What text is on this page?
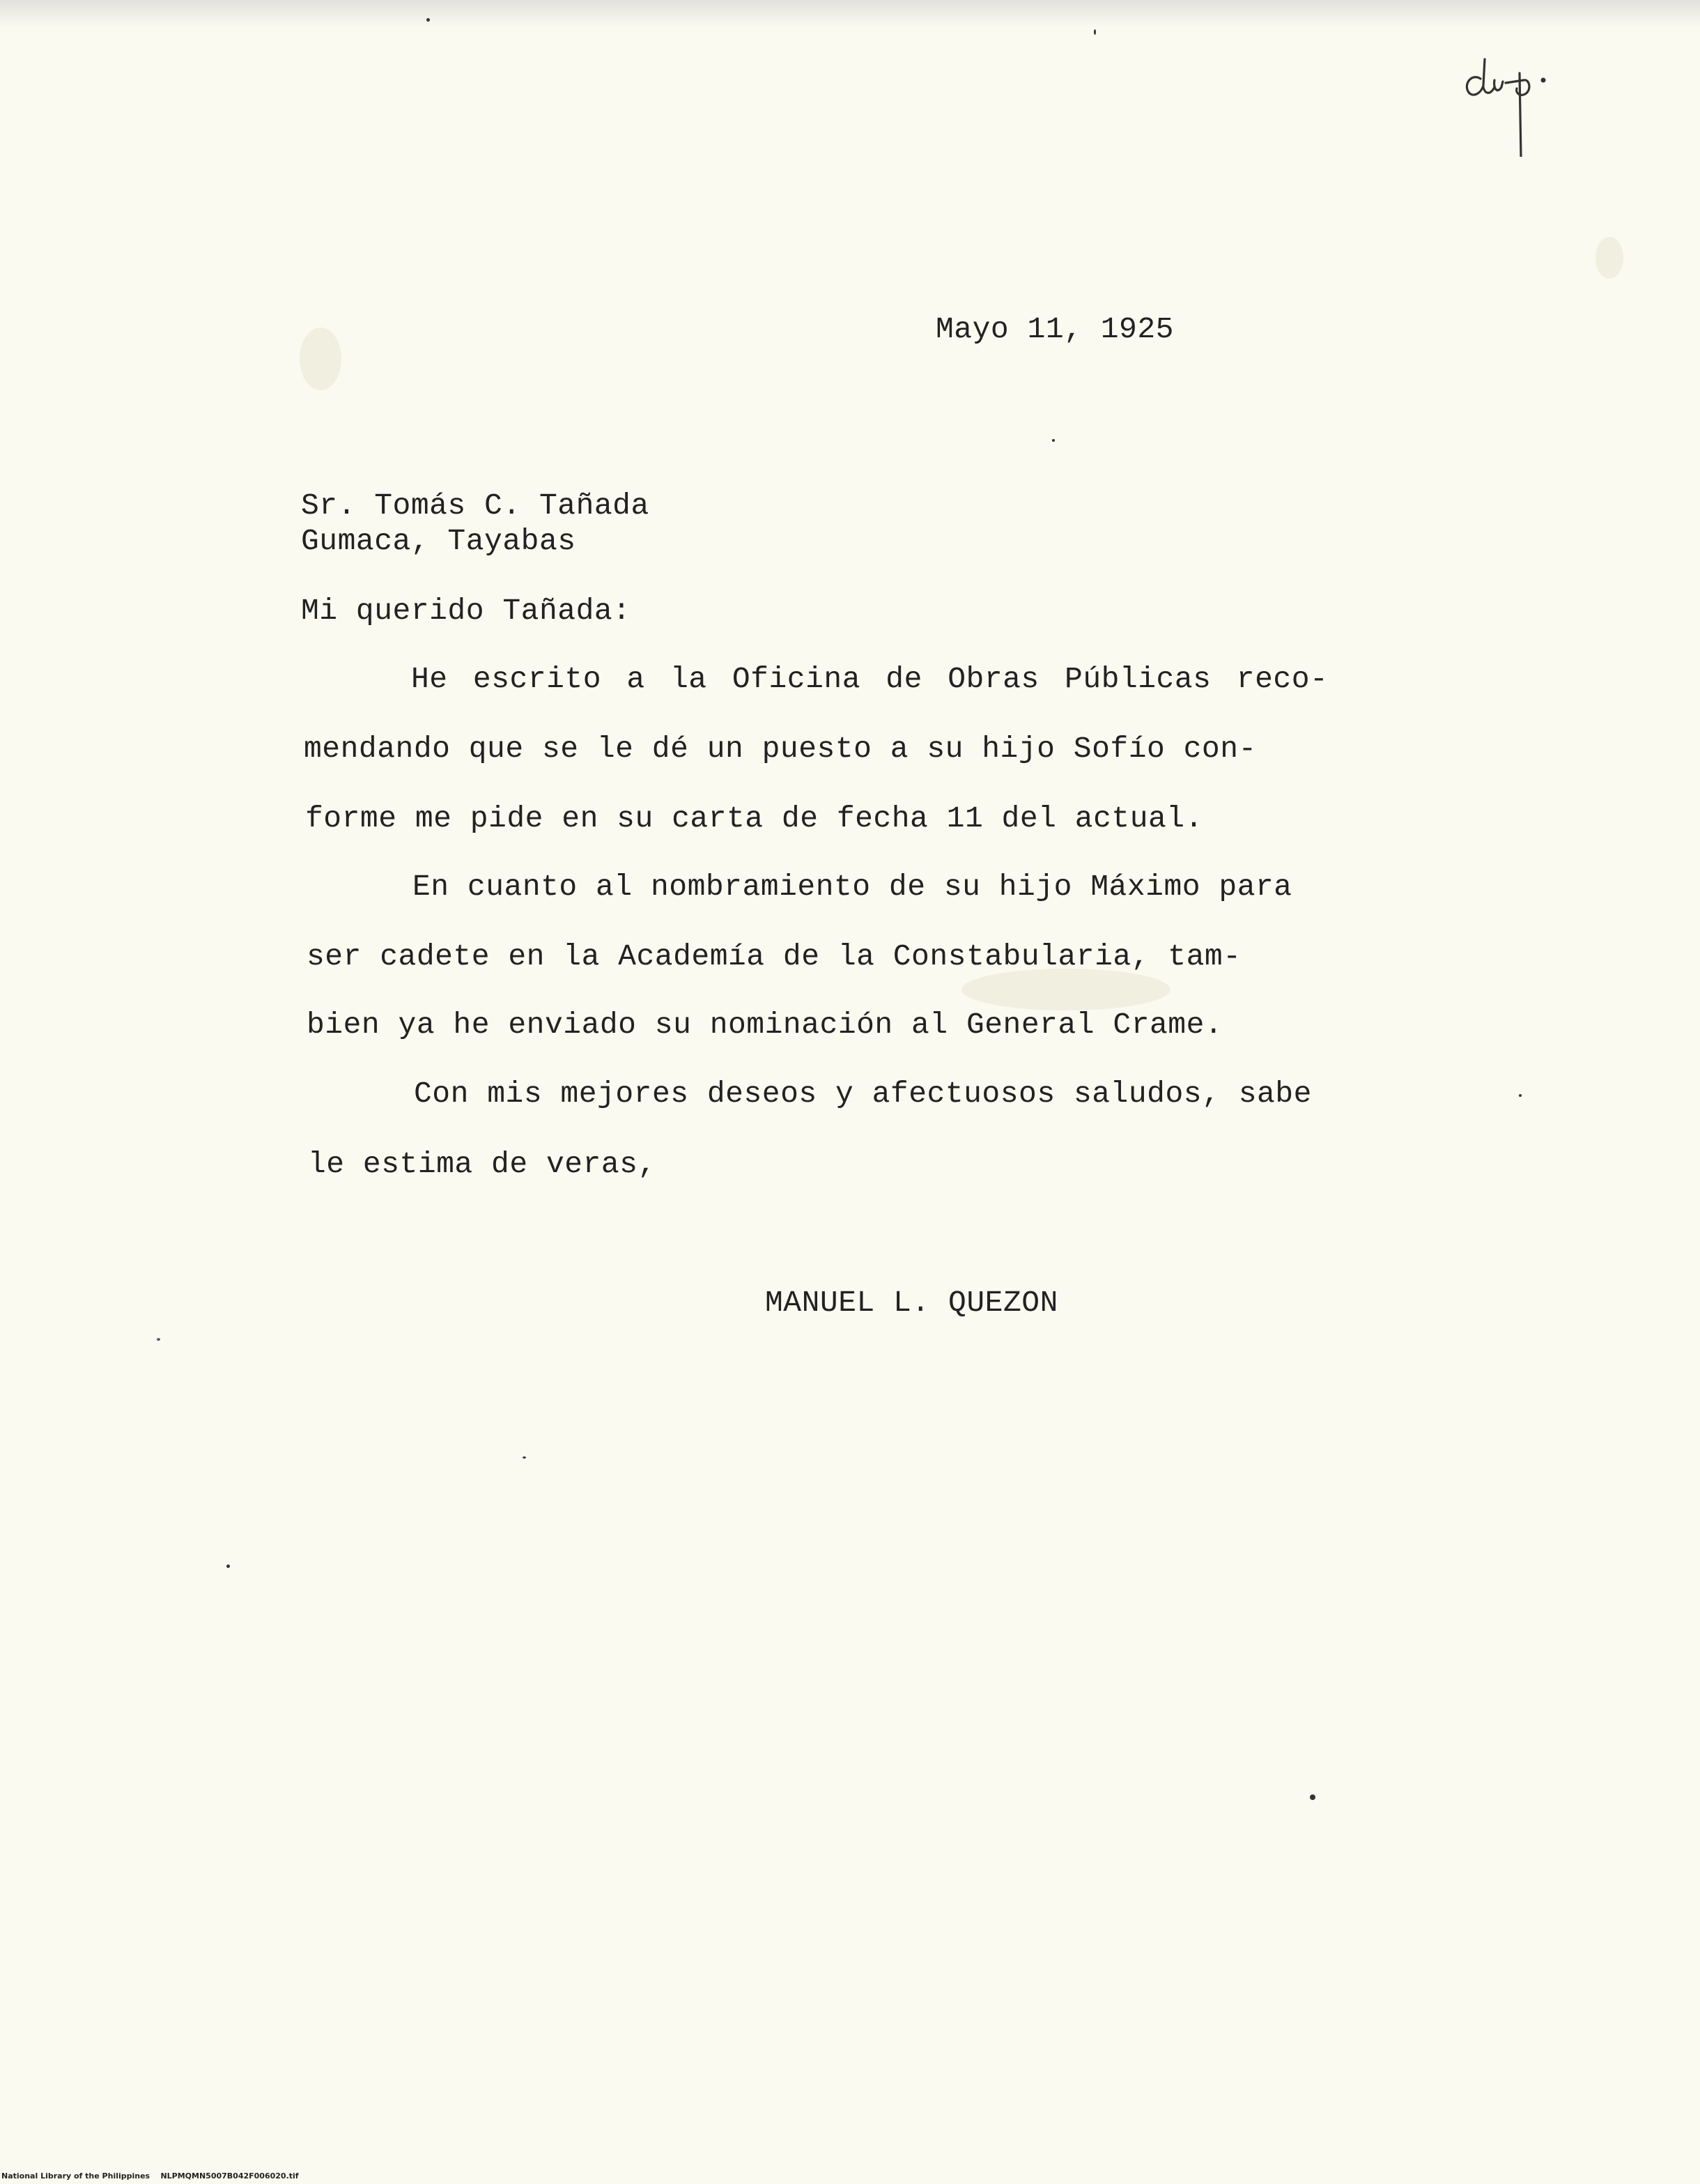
Mayo 11, 1925
Sr. Tomás C. Tañada
Gumaca, Tayabas
Mi querido Tañada:
He escrito a la Oficina de Obras Públicas reco-
mendando que se le dé un puesto a su hijo Sofío con-
forme me pide en su carta de fecha 11 del actual.
En cuanto al nombramiento de su hijo Máximo para
ser cadete en la Academía de la Constabularia, tam-
bien ya he enviado su nominación al General Crame.
Con mis mejores deseos y afectuosos saludos, sabe
le estima de veras,
MANUEL L. QUEZON
National Library of the Philippines NLPMQMN5007B042F006020.tif
